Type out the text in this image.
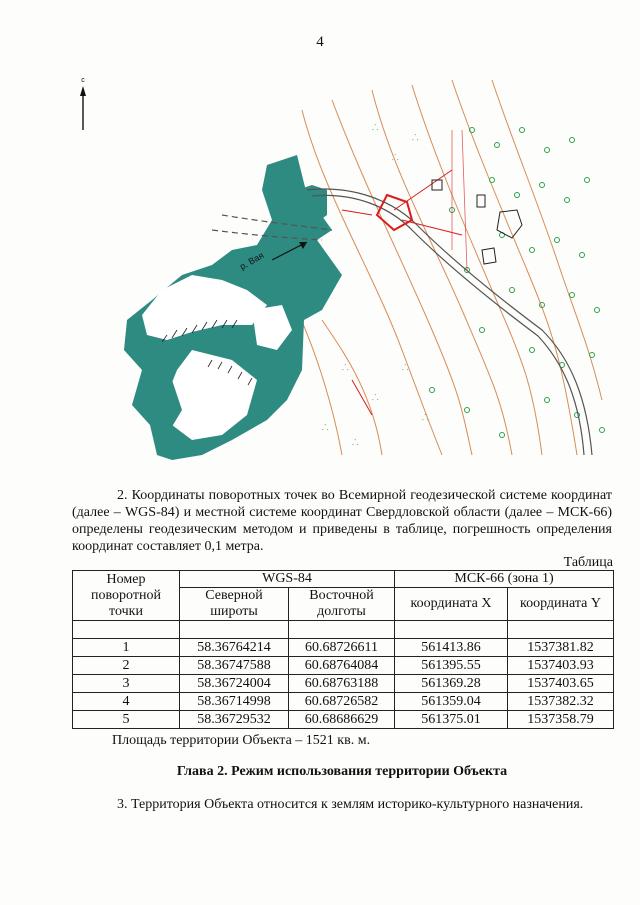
4
с
⸫
⸫
⸫
⸫
⸫
⸫
⸫
⸫
⸫
р. Вая
2. Координаты поворотных точек во Всемирной геодезической системе координат (далее – WGS-84) и местной системе координат Свердловской области (далее – МСК-66) определены геодезическим методом и приведены в таблице, погрешность определения координат составляет 0,1 метра.
Таблица
Номер поворотной точки	WGS-84		МСК-66 (зона 1)	
	Северной широты	Восточной долготы	координата X	координата Y

1	58.36764214	60.68726611	561413.86	1537381.82
2	58.36747588	60.68764084	561395.55	1537403.93
3	58.36724004	60.68763188	561369.28	1537403.65
4	58.36714998	60.68726582	561359.04	1537382.32
5	58.36729532	60.68686629	561375.01	1537358.79
Площадь территории Объекта – 1521 кв. м.
Глава 2. Режим использования территории Объекта
3. Территория Объекта относится к землям историко-культурного назначения.
